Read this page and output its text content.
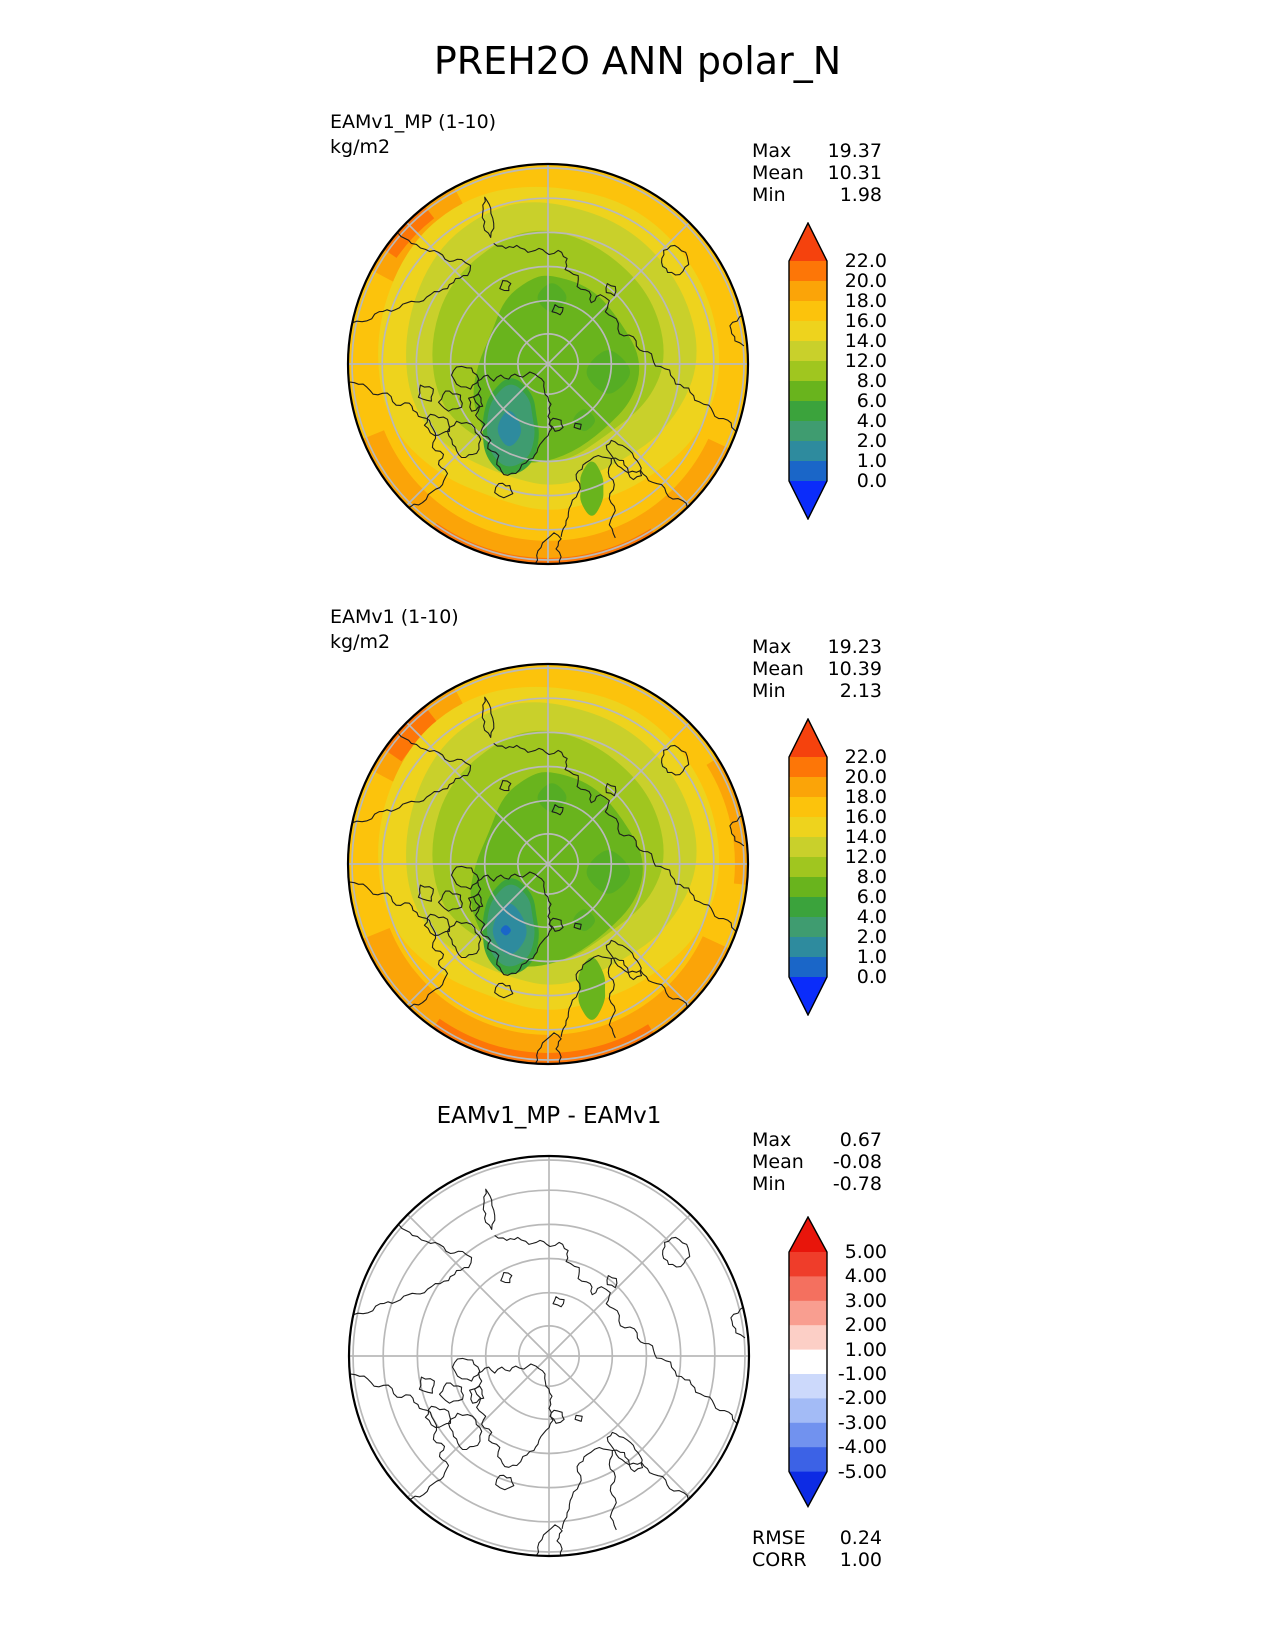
PREH2O ANN polar_N
EAMv1_MP (1-10)
kg/m2	Max 19.37
Mean 10.31
Min	1.98
22.0
20.0
18.0
16.0
14.0
12.0
8.0
6.0
4.0
2.0
1.0
0.0
EAMv1 (1-10)
kg/m2	Max 19.23
Mean 10.39
Min	2.13
22.0
20.0
18.0
16.0
14.0
12.0
8.0
6.0
4.0
2.0
1.0
0.0
EAMv1_MP - EAMv1
Max	0.67
Mean -0.08
Min -0.78
5.00
4.00
3.00
2.00
1.00
-1.00
-2.00
-3.00
-4.00
-5.00
RMSE 0.24
CORR 1.00
